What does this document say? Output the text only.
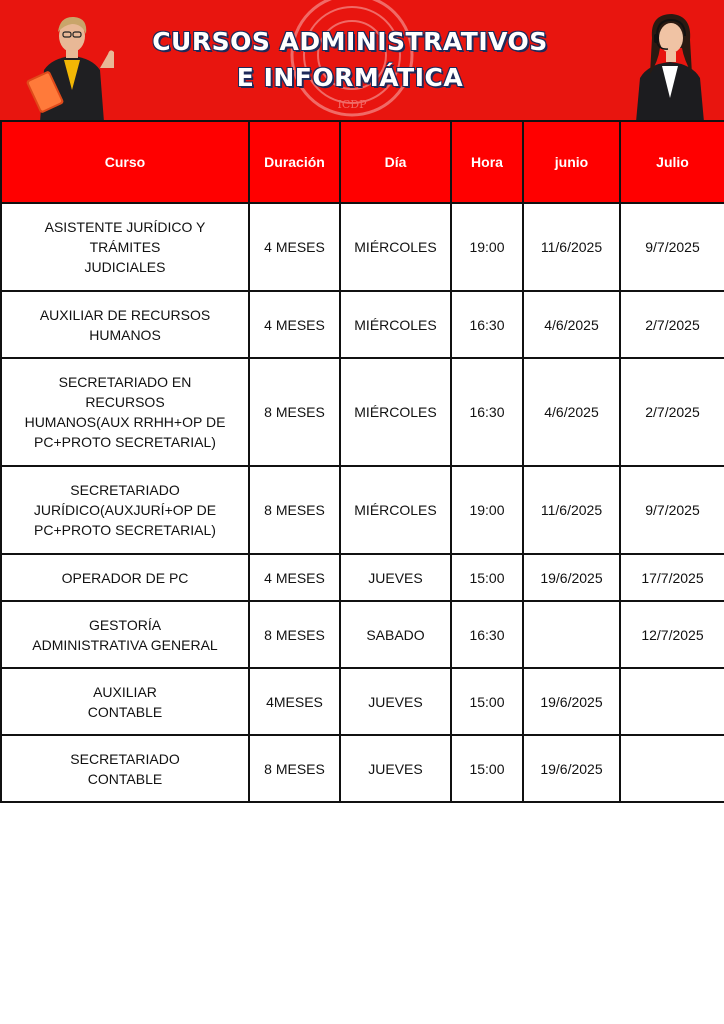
ICDP
CURSOS ADMINISTRATIVOS E INFORMÁTICA
Curso	Duración	Día	Hora	junio	Julio
ASISTENTE JURÍDICO Y
TRÁMITES
JUDICIALES	4 MESES	MIÉRCOLES	19:00	11/6/2025	9/7/2025
AUXILIAR DE RECURSOS
HUMANOS	4 MESES	MIÉRCOLES	16:30	4/6/2025	2/7/2025
SECRETARIADO EN
RECURSOS
HUMANOS(AUX RRHH+OP DE
PC+PROTO SECRETARIAL)	8 MESES	MIÉRCOLES	16:30	4/6/2025	2/7/2025
SECRETARIADO
JURÍDICO(AUXJURÍ+OP DE
PC+PROTO SECRETARIAL)	8 MESES	MIÉRCOLES	19:00	11/6/2025	9/7/2025
OPERADOR DE PC	4 MESES	JUEVES	15:00	19/6/2025	17/7/2025
GESTORÍA
ADMINISTRATIVA GENERAL	8 MESES	SABADO	16:30		12/7/2025
AUXILIAR
CONTABLE	4MESES	JUEVES	15:00	19/6/2025	
SECRETARIADO
CONTABLE	8 MESES	JUEVES	15:00	19/6/2025	
